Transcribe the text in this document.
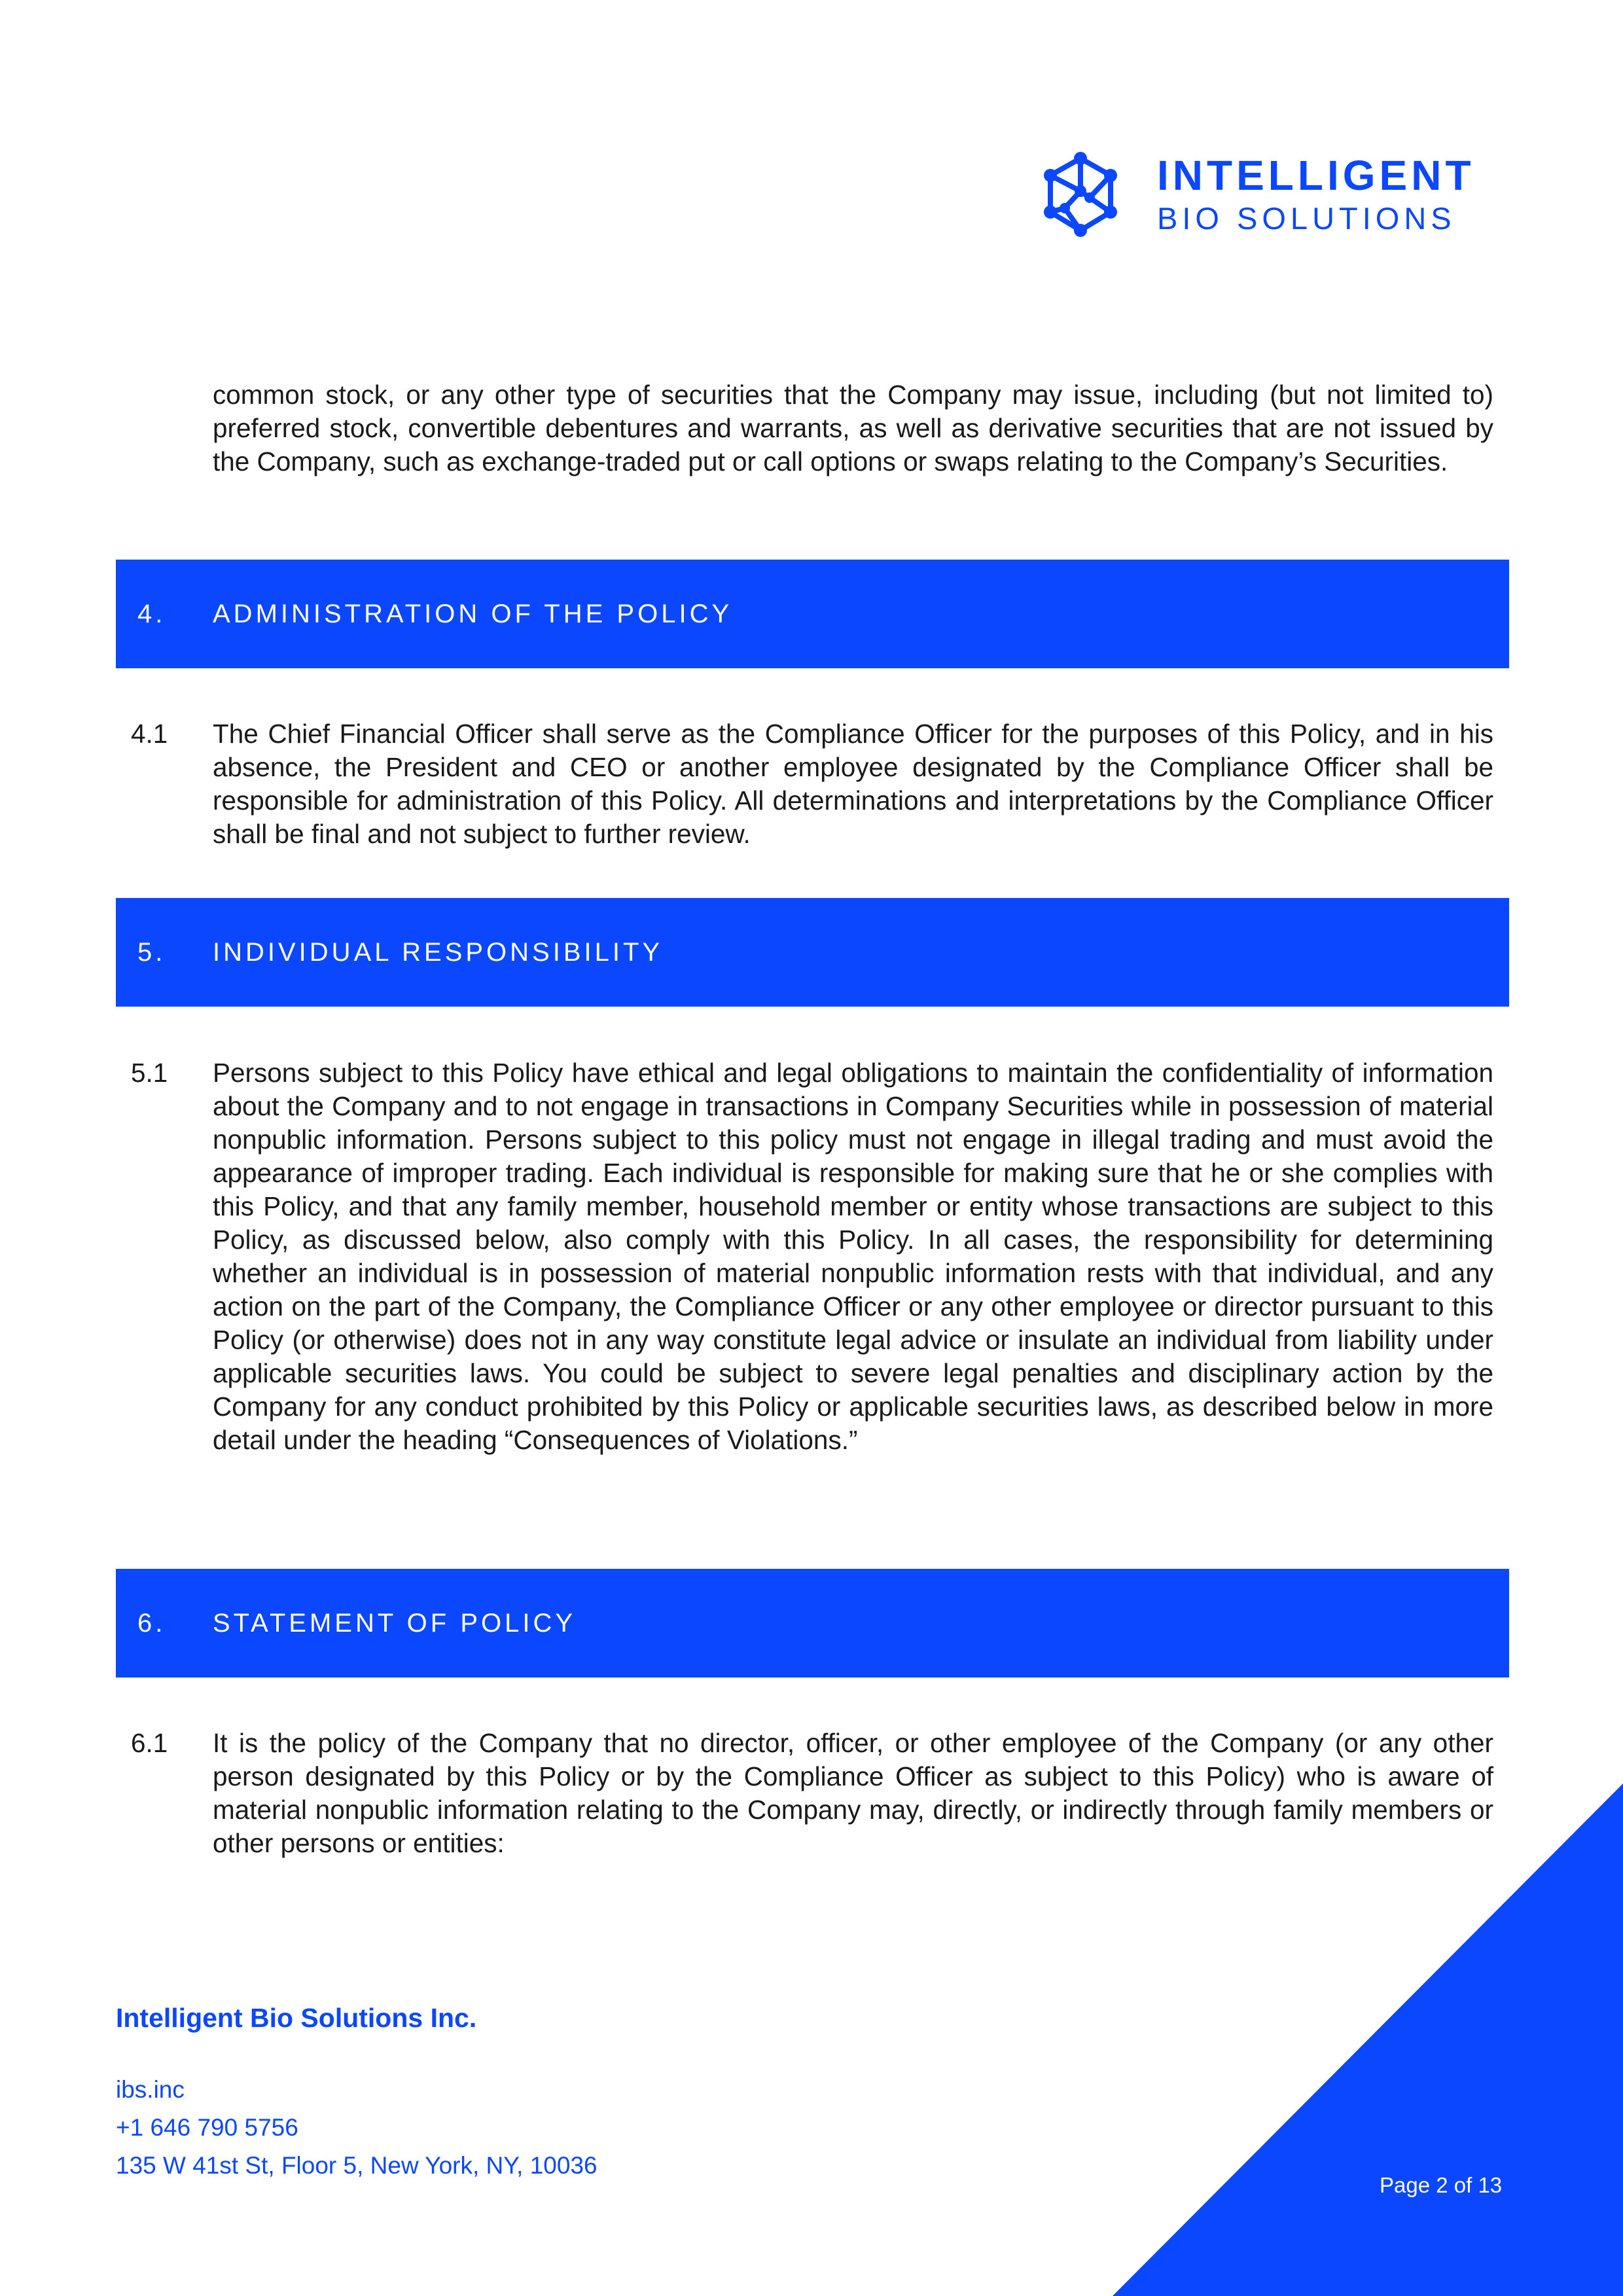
INTELLIGENT
BIO SOLUTIONS
common stock, or any other type of securities that the Company may issue, including (but not limited to) preferred stock, convertible debentures and warrants, as well as derivative securities that are not issued by the Company, such as exchange-traded put or call options or swaps relating to the Company’s Securities.
4. ADMINISTRATION OF THE POLICY
4.1 The Chief Financial Officer shall serve as the Compliance Officer for the purposes of this Policy, and in his absence, the President and CEO or another employee designated by the Compliance Officer shall be responsible for administration of this Policy. All determinations and interpretations by the Compliance Officer shall be final and not subject to further review.
5. INDIVIDUAL RESPONSIBILITY
5.1 Persons subject to this Policy have ethical and legal obligations to maintain the confidentiality of information about the Company and to not engage in transactions in Company Securities while in possession of material nonpublic information. Persons subject to this policy must not engage in illegal trading and must avoid the appearance of improper trading. Each individual is responsible for making sure that he or she complies with this Policy, and that any family member, household member or entity whose transactions are subject to this Policy, as discussed below, also comply with this Policy. In all cases, the responsibility for determining whether an individual is in possession of material nonpublic information rests with that individual, and any action on the part of the Company, the Compliance Officer or any other employee or director pursuant to this Policy (or otherwise) does not in any way constitute legal advice or insulate an individual from liability under applicable securities laws. You could be subject to severe legal penalties and disciplinary action by the Company for any conduct prohibited by this Policy or applicable securities laws, as described below in more detail under the heading “Consequences of Violations.”
6. STATEMENT OF POLICY
6.1 It is the policy of the Company that no director, officer, or other employee of the Company (or any other person designated by this Policy or by the Compliance Officer as subject to this Policy) who is aware of material nonpublic information relating to the Company may, directly, or indirectly through family members or other persons or entities:
Intelligent Bio Solutions Inc.
ibs.inc
+1 646 790 5756
135 W 41st St, Floor 5, New York, NY, 10036
Page 2 of 13
